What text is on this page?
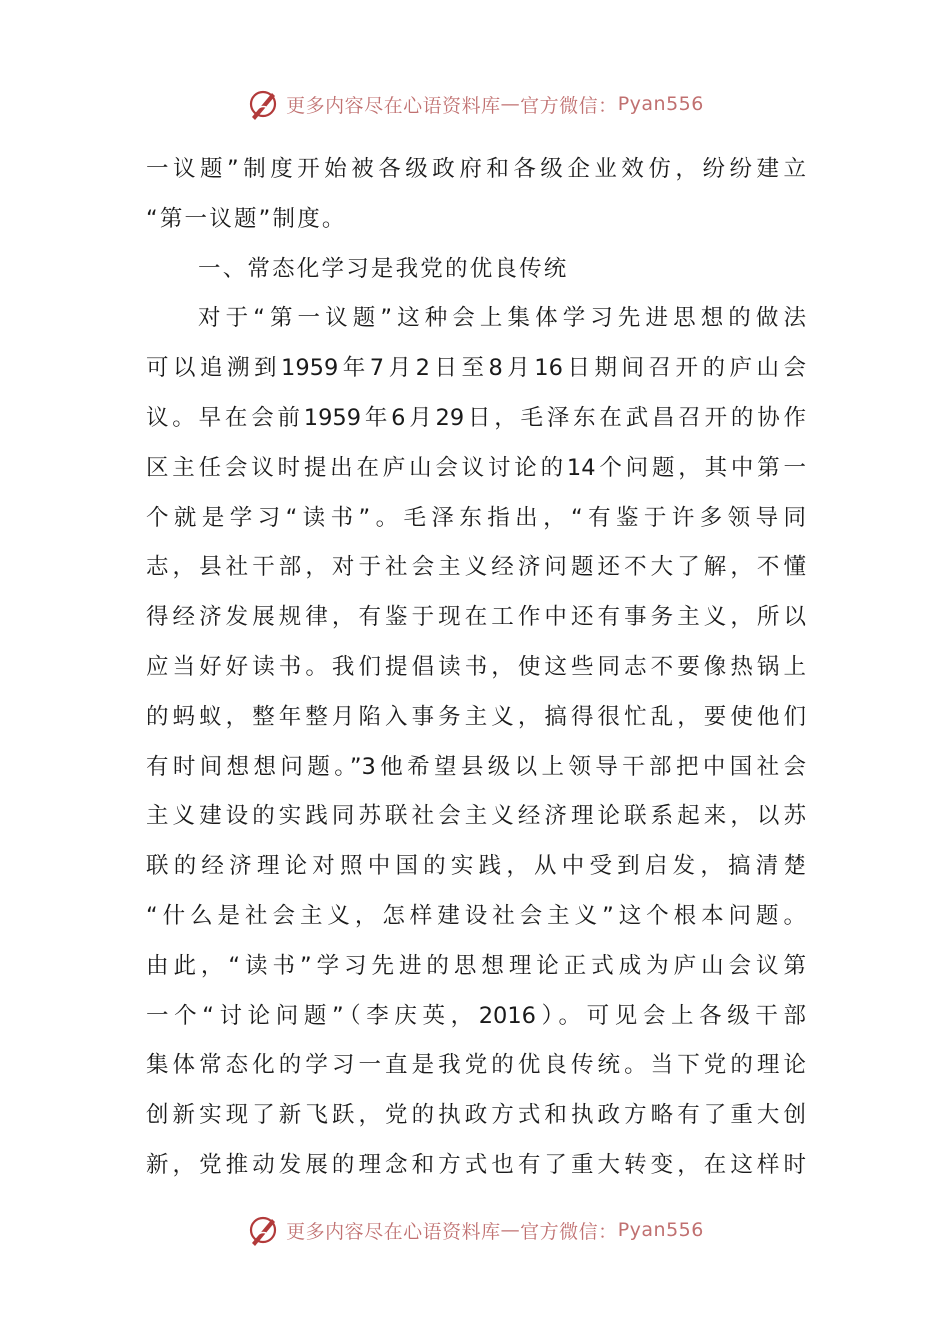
更多内容尽在心语资料库 — 官方微信： Pyan556
一议题”制度开始被各级政府和各级企业效仿，纷纷建立
“第一议题”制度。
一、常态化学习是我党的优良传统
对于“第一议题”这种会上集体学习先进思想的做法
可以追溯到1959年7月2日至8月16日期间召开的庐山会
议。早在会前1959年6月29日，毛泽东在武昌召开的协作
区主任会议时提出在庐山会议讨论的14个问题，其中第一
个就是学习“读书”。毛泽东指出，“有鉴于许多领导同
志，县社干部，对于社会主义经济问题还不大了解，不懂
得经济发展规律，有鉴于现在工作中还有事务主义，所以
应当好好读书。我们提倡读书，使这些同志不要像热锅上
的蚂蚁，整年整月陷入事务主义，搞得很忙乱，要使他们
有时间想想问题。”3他希望县级以上领导干部把中国社会
主义建设的实践同苏联社会主义经济理论联系起来，以苏
联的经济理论对照中国的实践，从中受到启发，搞清楚
“什么是社会主义，怎样建设社会主义”这个根本问题。
由此，“读书”学习先进的思想理论正式成为庐山会议第
一个“讨论问题”（李庆英，2016）。可见会上各级干部
集体常态化的学习一直是我党的优良传统。当下党的理论
创新实现了新飞跃，党的执政方式和执政方略有了重大创
新，党推动发展的理念和方式也有了重大转变，在这样时
更多内容尽在心语资料库 — 官方微信： Pyan556
